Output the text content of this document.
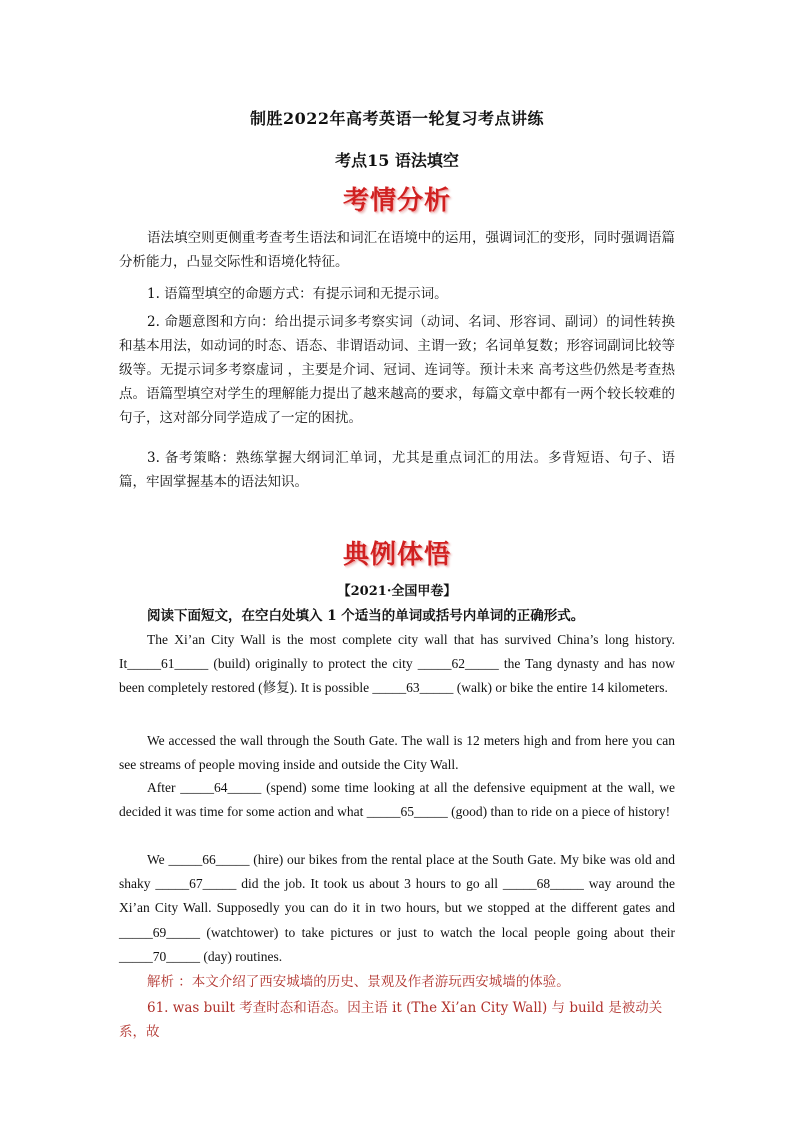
制胜2022年高考英语一轮复习考点讲练
考点15 语法填空
考情分析
语法填空则更侧重考查考生语法和词汇在语境中的运用，强调词汇的变形，同时强调语篇分析能力，凸显交际性和语境化特征。
1. 语篇型填空的命题方式：有提示词和无提示词。
2. 命题意图和方向：给出提示词多考察实词（动词、名词、形容词、副词）的词性转换和基本用法，如动词的时态、语态、非谓语动词、主谓一致；名词单复数；形容词副词比较等级等。无提示词多考察虚词 ，主要是介词、冠词、连词等。预计未来 高考这些仍然是考查热点。语篇型填空对学生的理解能力提出了越来越高的要求，每篇文章中都有一两个较长较难的句子，这对部分同学造成了一定的困扰。
3. 备考策略：熟练掌握大纲词汇单词，尤其是重点词汇的用法。多背短语、句子、语篇，牢固掌握基本的语法知识。
典例体悟
【2021·全国甲卷】
阅读下面短文，在空白处填入 1 个适当的单词或括号内单词的正确形式。
The Xi’an City Wall is the most complete city wall that has survived China’s long history. It_____61_____ (build) originally to protect the city _____62_____ the Tang dynasty and has now been completely restored (修复). It is possible _____63_____ (walk) or bike the entire 14 kilometers.
We accessed the wall through the South Gate. The wall is 12 meters high and from here you can see streams of people moving inside and outside the City Wall.
After _____64_____ (spend) some time looking at all the defensive equipment at the wall, we decided it was time for some action and what _____65_____ (good) than to ride on a piece of history!
We _____66_____ (hire) our bikes from the rental place at the South Gate. My bike was old and shaky _____67_____ did the job. It took us about 3 hours to go all _____68_____ way around the Xi’an City Wall. Supposedly you can do it in two hours, but we stopped at the different gates and _____69_____ (watchtower) to take pictures or just to watch the local people going about their _____70_____ (day) routines.
解析 ：本文介绍了西安城墙的历史、景观及作者游玩西安城墙的体验。
61. was built 考查时态和语态。因主语 it (The Xi’an City Wall) 与 build 是被动关系，故
